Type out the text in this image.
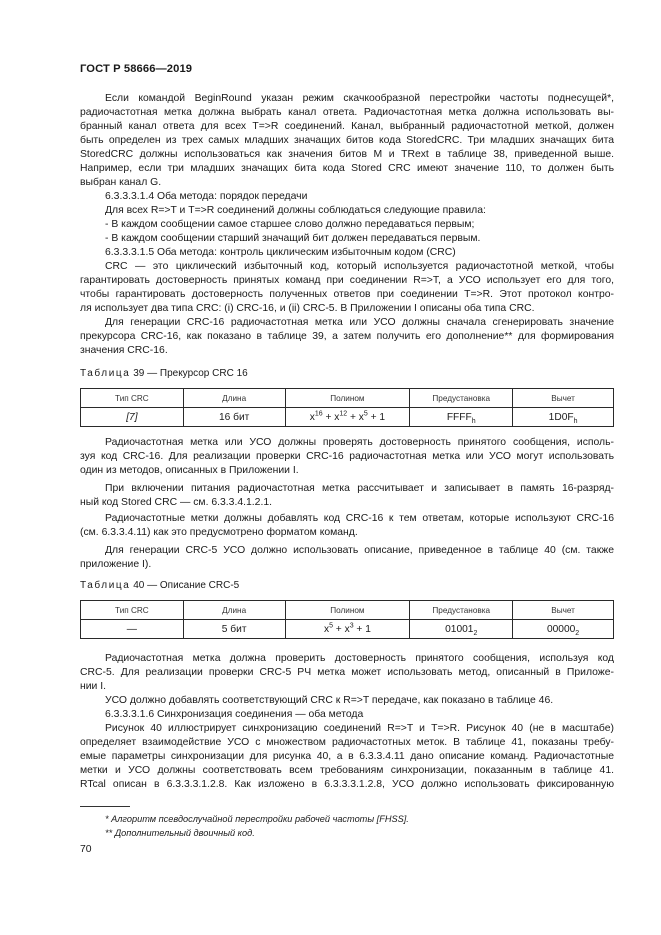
ГОСТ Р 58666—2019
Если командой BeginRound указан режим скачкообразной перестройки частоты поднесущей*,
радиочастотная метка должна выбрать канал ответа. Радиочастотная метка должна использовать вы-
бранный канал ответа для всех T=>R соединений. Канал, выбранный радиочастотной меткой, должен
быть определен из трех самых младших значащих битов кода StoredCRC. Три младших значащих бита
StoredCRC должны использоваться как значения битов M и TRext в таблице 38, приведенной выше.
Например, если три младших значащих бита кода Stored CRC имеют значение 110, то должен быть
выбран канал G.
6.3.3.3.1.4 Оба метода: порядок передачи
Для всех R=>T и T=>R соединений должны соблюдаться следующие правила:
- В каждом сообщении самое старшее слово должно передаваться первым;
- В каждом сообщении старший значащий бит должен передаваться первым.
6.3.3.3.1.5 Оба метода: контроль циклическим избыточным кодом (CRC)
CRC — это циклический избыточный код, который используется радиочастотной меткой, чтобы
гарантировать достоверность принятых команд при соединении R=>T, а УСО использует его для того,
чтобы гарантировать достоверность полученных ответов при соединении T=>R. Этот протокол контро-
ля использует два типа CRC: (i) CRC-16, и (ii) CRC-5. В Приложении I описаны оба типа CRC.
Для генерации CRC-16 радиочастотная метка или УСО должны сначала сгенерировать значение
прекурсора CRC-16, как показано в таблице 39, а затем получить его дополнение** для формирования
значения CRC-16.
Таблица 39 — Прекурсор CRC 16
Тип CRC	Длина	Полином	Предустановка	Вычет
[7]	16 бит	$x^{16} + x^{12} + x^5 + 1$	$FFFF_h$	$1D0F_h$
Радиочастотная метка или УСО должны проверять достоверность принятого сообщения, исполь-
зуя код CRC-16. Для реализации проверки CRC-16 радиочастотная метка или УСО могут использовать
один из методов, описанных в Приложении I.
При включении питания радиочастотная метка рассчитывает и записывает в память 16-разряд-
ный код Stored CRC — см. 6.3.3.4.1.2.1.
Радиочастотные метки должны добавлять код CRC-16 к тем ответам, которые используют CRC-16
(см. 6.3.3.4.11) как это предусмотрено форматом команд.
Для генерации CRC-5 УСО должно использовать описание, приведенное в таблице 40 (см. также
приложение I).
Таблица 40 — Описание CRC-5
Тип CRC	Длина	Полином	Предустановка	Вычет
—	5 бит	$x^5 + x^3 + 1$	$01001_2$	$00000_2$
Радиочастотная метка должна проверить достоверность принятого сообщения, используя код
CRC-5. Для реализации проверки CRC-5 РЧ метка может использовать метод, описанный в Приложе-
нии I.
УСО должно добавлять соответствующий CRC к R=>T передаче, как показано в таблице 46.
6.3.3.3.1.6 Синхронизация соединения — оба метода
Рисунок 40 иллюстрирует синхронизацию соединений R=>T и T=>R. Рисунок 40 (не в масштабе)
определяет взаимодействие УСО с множеством радиочастотных меток. В таблице 41, показаны требу-
емые параметры синхронизации для рисунка 40, а в 6.3.3.4.11 дано описание команд. Радиочастотные
метки и УСО должны соответствовать всем требованиям синхронизации, показанным в таблице 41.
RTcal описан в 6.3.3.3.1.2.8. Как изложено в 6.3.3.3.1.2.8, УСО должно использовать фиксированную
* Алгоритм псевдослучайной перестройки рабочей частоты [FHSS].
** Дополнительный двоичный код.
70
